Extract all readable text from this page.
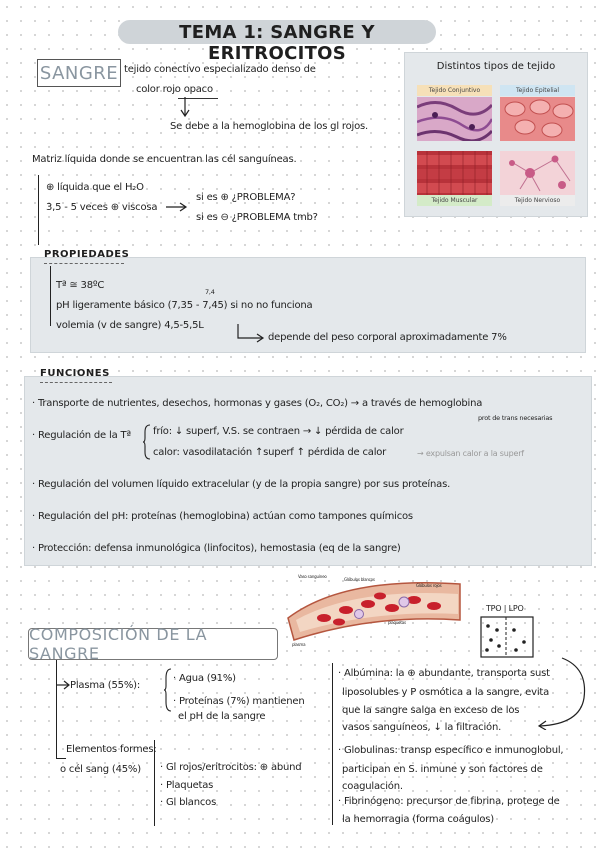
TEMA 1: SANGRE Y ERITROCITOS
SANGRE tejido conectivo especializado denso de
color rojo opaco
Se debe a la hemoglobina de los gl rojos.
Distintos tipos de tejido
Tejido Conjuntivo	Tejido Epitelial
Tejido Muscular	Tejido Nervioso
Matriz líquida donde se encuentran las cél sanguíneas.
⊕ líquida que el H₂O
3,5 - 5 veces ⊕ viscosa
si es ⊕ ¿PROBLEMA?
si es ⊖ ¿PROBLEMA tmb?
PROPIEDADES
Tª ≅ 38ºC
7,4
pH ligeramente básico (7,35 - 7,45) si no no funciona
volemia (v de sangre) 4,5-5,5L
depende del peso corporal aproximadamente 7%
FUNCIONES
· Transporte de nutrientes, desechos, hormonas y gases (O₂, CO₂) → a través de hemoglobina
prot de trans necesarias
· Regulación de la Tª frío: ↓ superf, V.S. se contraen → ↓ pérdida de calor
calor: vasodilatación ↑superf ↑ pérdida de calor	→ expulsan calor a la superf
· Regulación del volumen líquido extracelular (y de la propia sangre) por sus proteínas.
· Regulación del pH: proteínas (hemoglobina) actúan como tampones químicos
· Protección: defensa inmunológica (linfocitos), hemostasia (eq de la sangre)
Vaso sanguíneo
Glóbulos blancos
Glóbulos rojos
plaquetas
plasma
TPO | LPO
COMPOSICIÓN DE LA SANGRE
Plasma (55%):
· Agua (91%)
· Proteínas (7%) mantienen
el pH de la sangre
Elementos formes:
o cél sang (45%) · Gl rojos/eritrocitos: ⊕ abund
· Plaquetas
· Gl blancos
· Albúmina: la ⊕ abundante, transporta sust
liposolubles y P osmótica a la sangre, evita
que la sangre salga en exceso de los
vasos sanguíneos, ↓ la filtración.
· Globulinas: transp específico e inmunoglobul,
participan en S. inmune y son factores de
coagulación.
· Fibrinógeno: precursor de fibrina, protege de
la hemorragia (forma coágulos)
